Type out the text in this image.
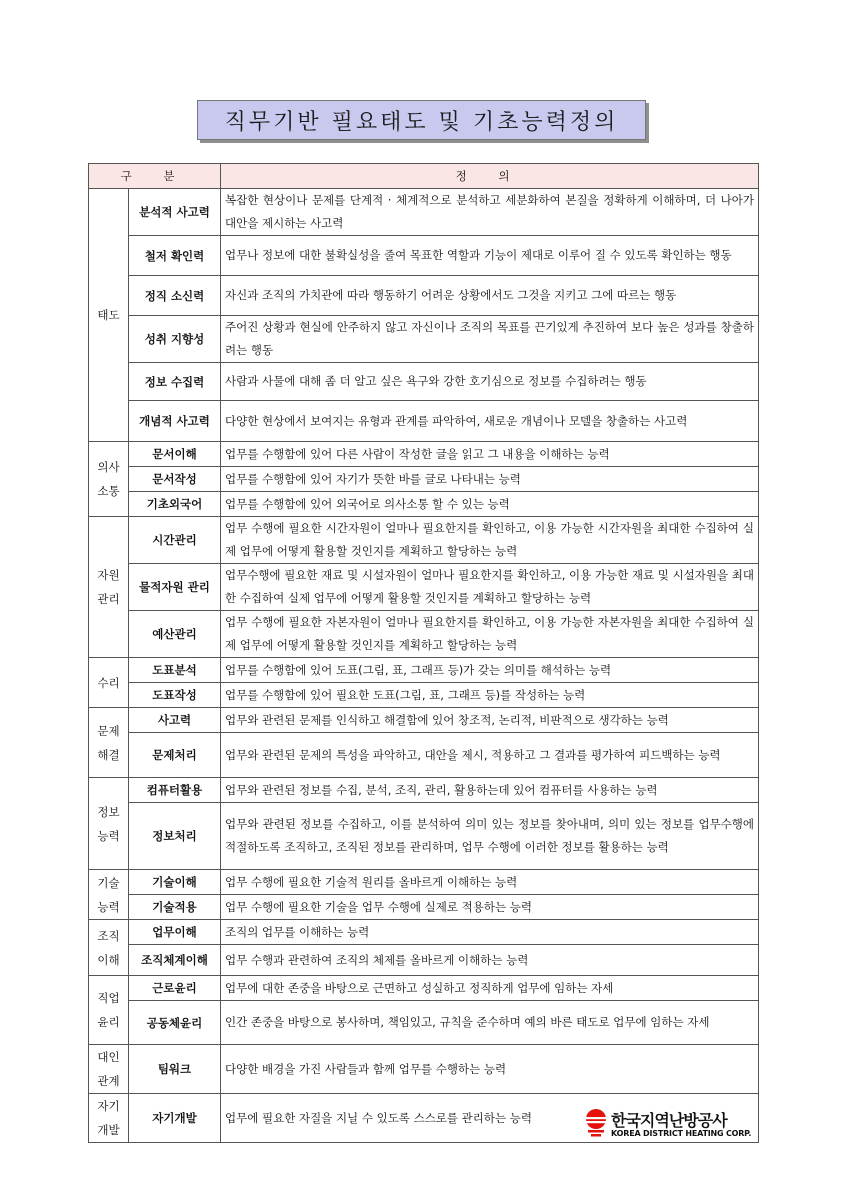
직무기반 필요태도 및 기초능력정의
구 분		정 의
태도	분석적 사고력	복잡한 현상이나 문제를 단계적 · 체계적으로 분석하고 세분화하여 본질을 정확하게 이해하며, 더 나아가 대안을 제시하는 사고력
	철저 확인력	업무나 정보에 대한 불확실성을 줄여 목표한 역할과 기능이 제대로 이루어 질 수 있도록 확인하는 행동
	정직 소신력	자신과 조직의 가치관에 따라 행동하기 어려운 상황에서도 그것을 지키고 그에 따르는 행동
	성취 지향성	주어진 상황과 현실에 안주하지 않고 자신이나 조직의 목표를 끈기있게 추진하여 보다 높은 성과를 창출하려는 행동
	정보 수집력	사람과 사물에 대해 좀 더 알고 싶은 욕구와 강한 호기심으로 정보를 수집하려는 행동
	개념적 사고력	다양한 현상에서 보여지는 유형과 관계를 파악하여, 새로운 개념이나 모델을 창출하는 사고력
의사 소통	문서이해	업무를 수행함에 있어 다른 사람이 작성한 글을 읽고 그 내용을 이해하는 능력
	문서작성	업무를 수행함에 있어 자기가 뜻한 바를 글로 나타내는 능력
	기초외국어	업무를 수행함에 있어 외국어로 의사소통 할 수 있는 능력
자원 관리	시간관리	업무 수행에 필요한 시간자원이 얼마나 필요한지를 확인하고, 이용 가능한 시간자원을 최대한 수집하여 실제 업무에 어떻게 활용할 것인지를 계획하고 할당하는 능력
	물적자원 관리	업무수행에 필요한 재료 및 시설자원이 얼마나 필요한지를 확인하고, 이용 가능한 재료 및 시설자원을 최대한 수집하여 실제 업무에 어떻게 활용할 것인지를 계획하고 할당하는 능력
	예산관리	업무 수행에 필요한 자본자원이 얼마나 필요한지를 확인하고, 이용 가능한 자본자원을 최대한 수집하여 실제 업무에 어떻게 활용할 것인지를 계획하고 할당하는 능력
수리	도표분석	업무를 수행함에 있어 도표(그림, 표, 그래프 등)가 갖는 의미를 해석하는 능력
	도표작성	업무를 수행함에 있어 필요한 도표(그림, 표, 그래프 등)를 작성하는 능력
문제 해결	사고력	업무와 관련된 문제를 인식하고 해결함에 있어 창조적, 논리적, 비판적으로 생각하는 능력
	문제처리	업무와 관련된 문제의 특성을 파악하고, 대안을 제시, 적용하고 그 결과를 평가하여 피드백하는 능력
정보 능력	컴퓨터활용	업무와 관련된 정보를 수집, 분석, 조직, 관리, 활용하는데 있어 컴퓨터를 사용하는 능력
	정보처리	업무와 관련된 정보를 수집하고, 이를 분석하여 의미 있는 정보를 찾아내며, 의미 있는 정보를 업무수행에 적절하도록 조직하고, 조직된 정보를 관리하며, 업무 수행에 이러한 정보를 활용하는 능력
기술 능력	기술이해	업무 수행에 필요한 기술적 원리를 올바르게 이해하는 능력
	기술적용	업무 수행에 필요한 기술을 업무 수행에 실제로 적용하는 능력
조직 이해	업무이해	조직의 업무를 이해하는 능력
	조직체계이해	업무 수행과 관련하여 조직의 체제를 올바르게 이해하는 능력
직업 윤리	근로윤리	업무에 대한 존중을 바탕으로 근면하고 성실하고 정직하게 업무에 임하는 자세
	공동체윤리	인간 존중을 바탕으로 봉사하며, 책임있고, 규칙을 준수하며 예의 바른 태도로 업무에 임하는 자세
대인 관계	팀워크	다양한 배경을 가진 사람들과 함께 업무를 수행하는 능력
자기 개발	자기개발	업무에 필요한 자질을 지닐 수 있도록 스스로를 관리하는 능력	한국지역난방공사
KOREA DISTRICT HEATING CORP.
